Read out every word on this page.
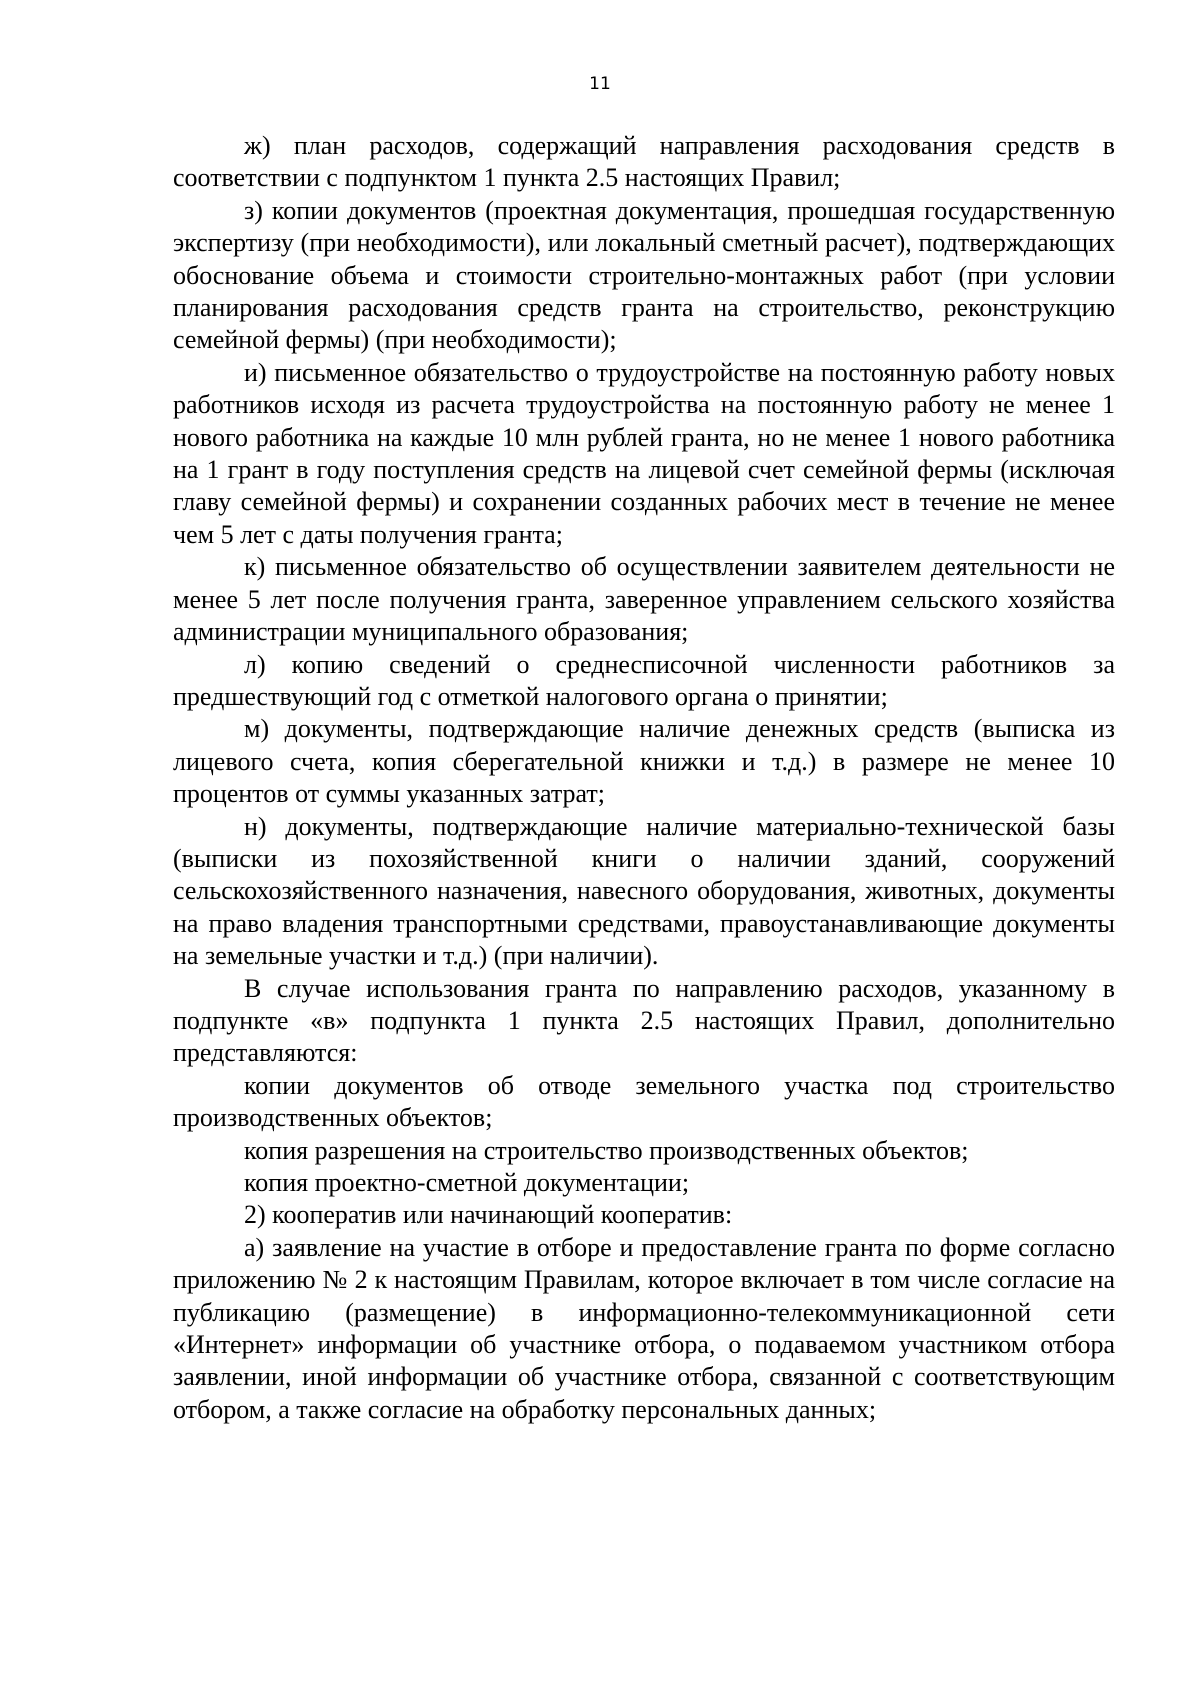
11

ж) план расходов, содержащий направления расходования средств в соответствии с подпунктом 1 пункта 2.5 настоящих Правил;

з) копии документов (проектная документация, прошедшая государственную экспертизу (при необходимости), или локальный сметный расчет), подтверждающих обоснование объема и стоимости строительно-монтажных работ (при условии планирования расходования средств гранта на строительство, реконструкцию семейной фермы) (при необходимости);

и) письменное обязательство о трудоустройстве на постоянную работу новых работников исходя из расчета трудоустройства на постоянную работу не менее 1 нового работника на каждые 10 млн рублей гранта, но не менее 1 нового работника на 1 грант в году поступления средств на лицевой счет семейной фермы (исключая главу семейной фермы) и сохранении созданных рабочих мест в течение не менее чем 5 лет с даты получения гранта;

к) письменное обязательство об осуществлении заявителем деятельности не менее 5 лет после получения гранта, заверенное управлением сельского хозяйства администрации муниципального образования;

л) копию сведений о среднесписочной численности работников за предшествующий год с отметкой налогового органа о принятии;

м) документы, подтверждающие наличие денежных средств (выписка из лицевого счета, копия сберегательной книжки и т.д.) в размере не менее 10 процентов от суммы указанных затрат;

н) документы, подтверждающие наличие материально-технической базы (выписки из похозяйственной книги о наличии зданий, сооружений сельскохозяйственного назначения, навесного оборудования, животных, документы на право владения транспортными средствами, правоустанавливающие документы на земельные участки и т.д.) (при наличии).

В случае использования гранта по направлению расходов, указанному в подпункте «в» подпункта 1 пункта 2.5 настоящих Правил, дополнительно представляются:

копии документов об отводе земельного участка под строительство производственных объектов;

копия разрешения на строительство производственных объектов;

копия проектно-сметной документации;

2) кооператив или начинающий кооператив:

а) заявление на участие в отборе и предоставление гранта по форме согласно приложению № 2 к настоящим Правилам, которое включает в том числе согласие на публикацию (размещение) в информационно-телекоммуникационной сети «Интернет» информации об участнике отбора, о подаваемом участником отбора заявлении, иной информации об участнике отбора, связанной с соответствующим отбором, а также согласие на обработку персональных данных;
